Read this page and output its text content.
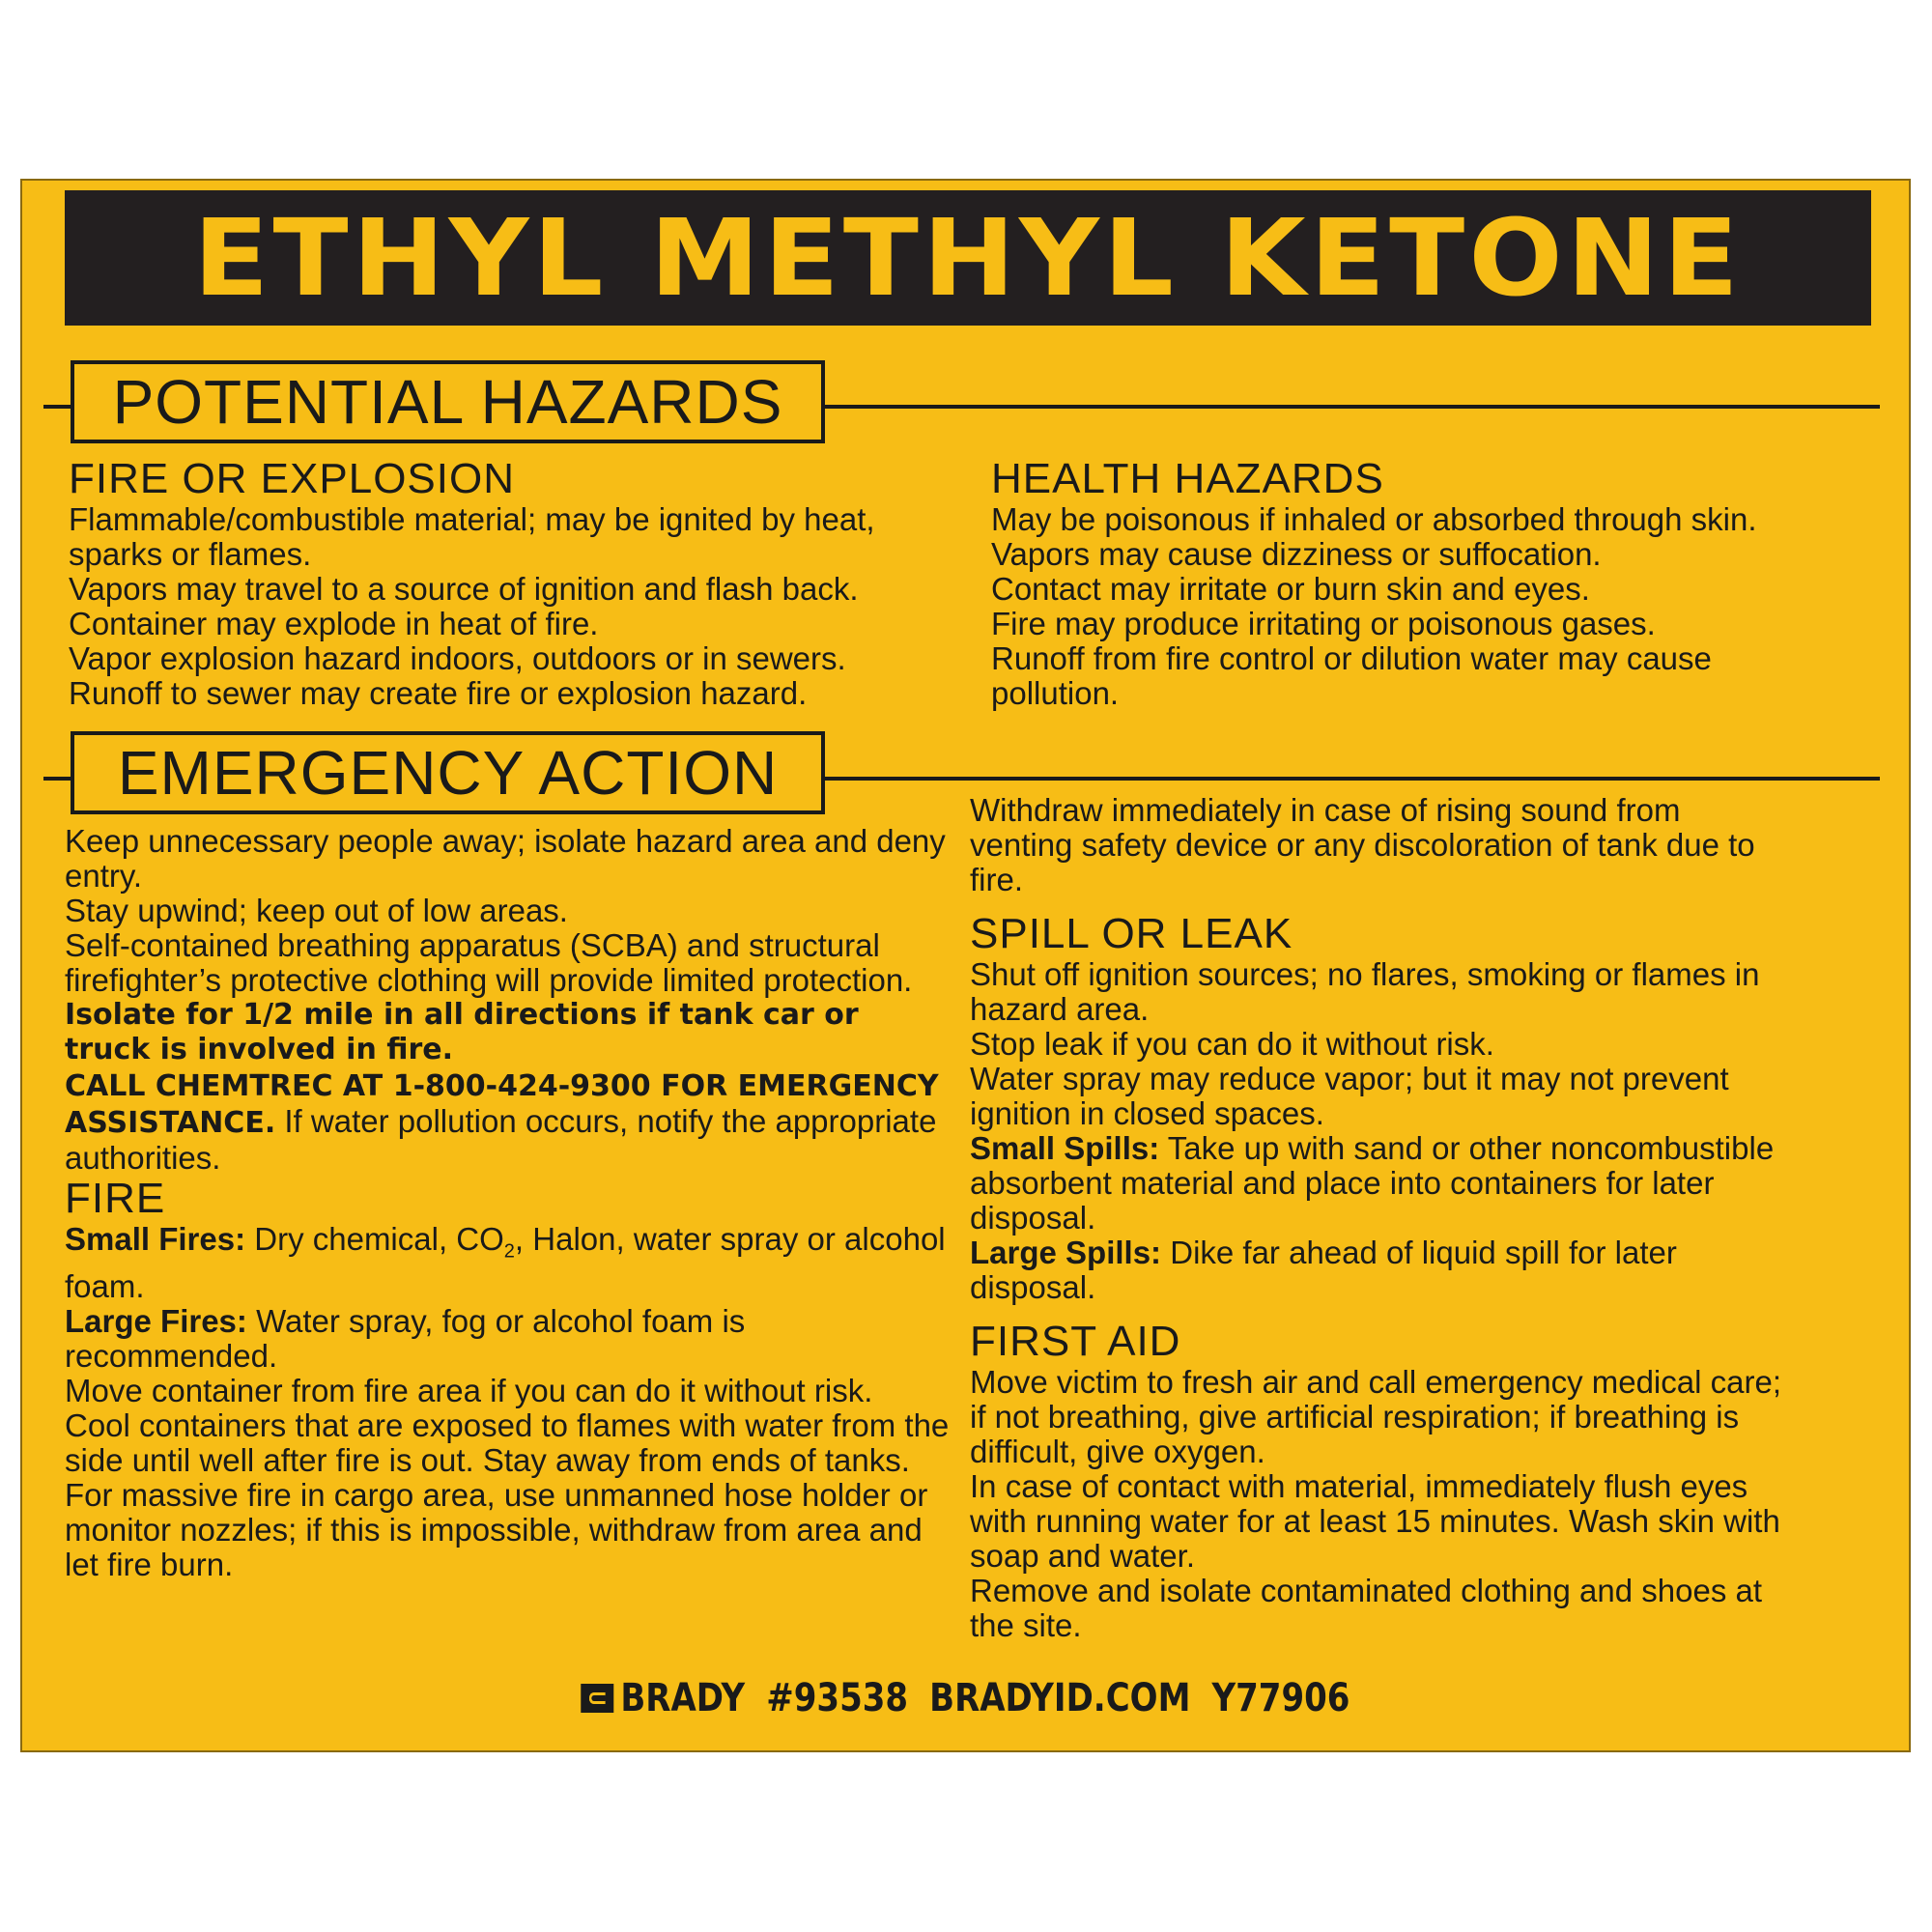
ETHYL METHYL KETONE
POTENTIAL HAZARDS

FIRE OR EXPLOSION

Flammable/combustible material; may be ignited by heat, sparks or flames.

Vapors may travel to a source of ignition and flash back.

Container may explode in heat of fire.

Vapor explosion hazard indoors, outdoors or in sewers.

Runoff to sewer may create fire or explosion hazard.

HEALTH HAZARDS

May be poisonous if inhaled or absorbed through skin.

Vapors may cause dizziness or suffocation.

Contact may irritate or burn skin and eyes.

Fire may produce irritating or poisonous gases.

Runoff from fire control or dilution water may cause pollution.

EMERGENCY ACTION

Keep unnecessary people away; isolate hazard area and deny entry.

Stay upwind; keep out of low areas.

Self-contained breathing apparatus (SCBA) and structural firefighter’s protective clothing will provide limited protection.

Isolate for 1/2 mile in all directions if tank car or truck is involved in fire.

CALL CHEMTREC AT 1-800-424-9300 FOR EMERGENCY ASSISTANCE. If water pollution occurs, notify the appropriate authorities.

FIRE

Small Fires: Dry chemical, $CO_2$, Halon, water spray or alcohol foam.

Large Fires: Water spray, fog or alcohol foam is recommended.

Move container from fire area if you can do it without risk.

Cool containers that are exposed to flames with water from the side until well after fire is out. Stay away from ends of tanks.

For massive fire in cargo area, use unmanned hose holder or monitor nozzles; if this is impossible, withdraw from area and let fire burn.

Withdraw immediately in case of rising sound from venting safety device or any discoloration of tank due to fire.

SPILL OR LEAK

Shut off ignition sources; no flares, smoking or flames in hazard area.

Stop leak if you can do it without risk.

Water spray may reduce vapor; but it may not prevent ignition in closed spaces.

Small Spills: Take up with sand or other noncombustible absorbent material and place into containers for later disposal.

Large Spills: Dike far ahead of liquid spill for later disposal.

FIRST AID

Move victim to fresh air and call emergency medical care; if not breathing, give artificial respiration; if breathing is difficult, give oxygen.

In case of contact with material, immediately flush eyes with running water for at least 15 minutes. Wash skin with soap and water.

Remove and isolate contaminated clothing and shoes at the site.

BRADY #93538 BRADYID.COM Y77906
